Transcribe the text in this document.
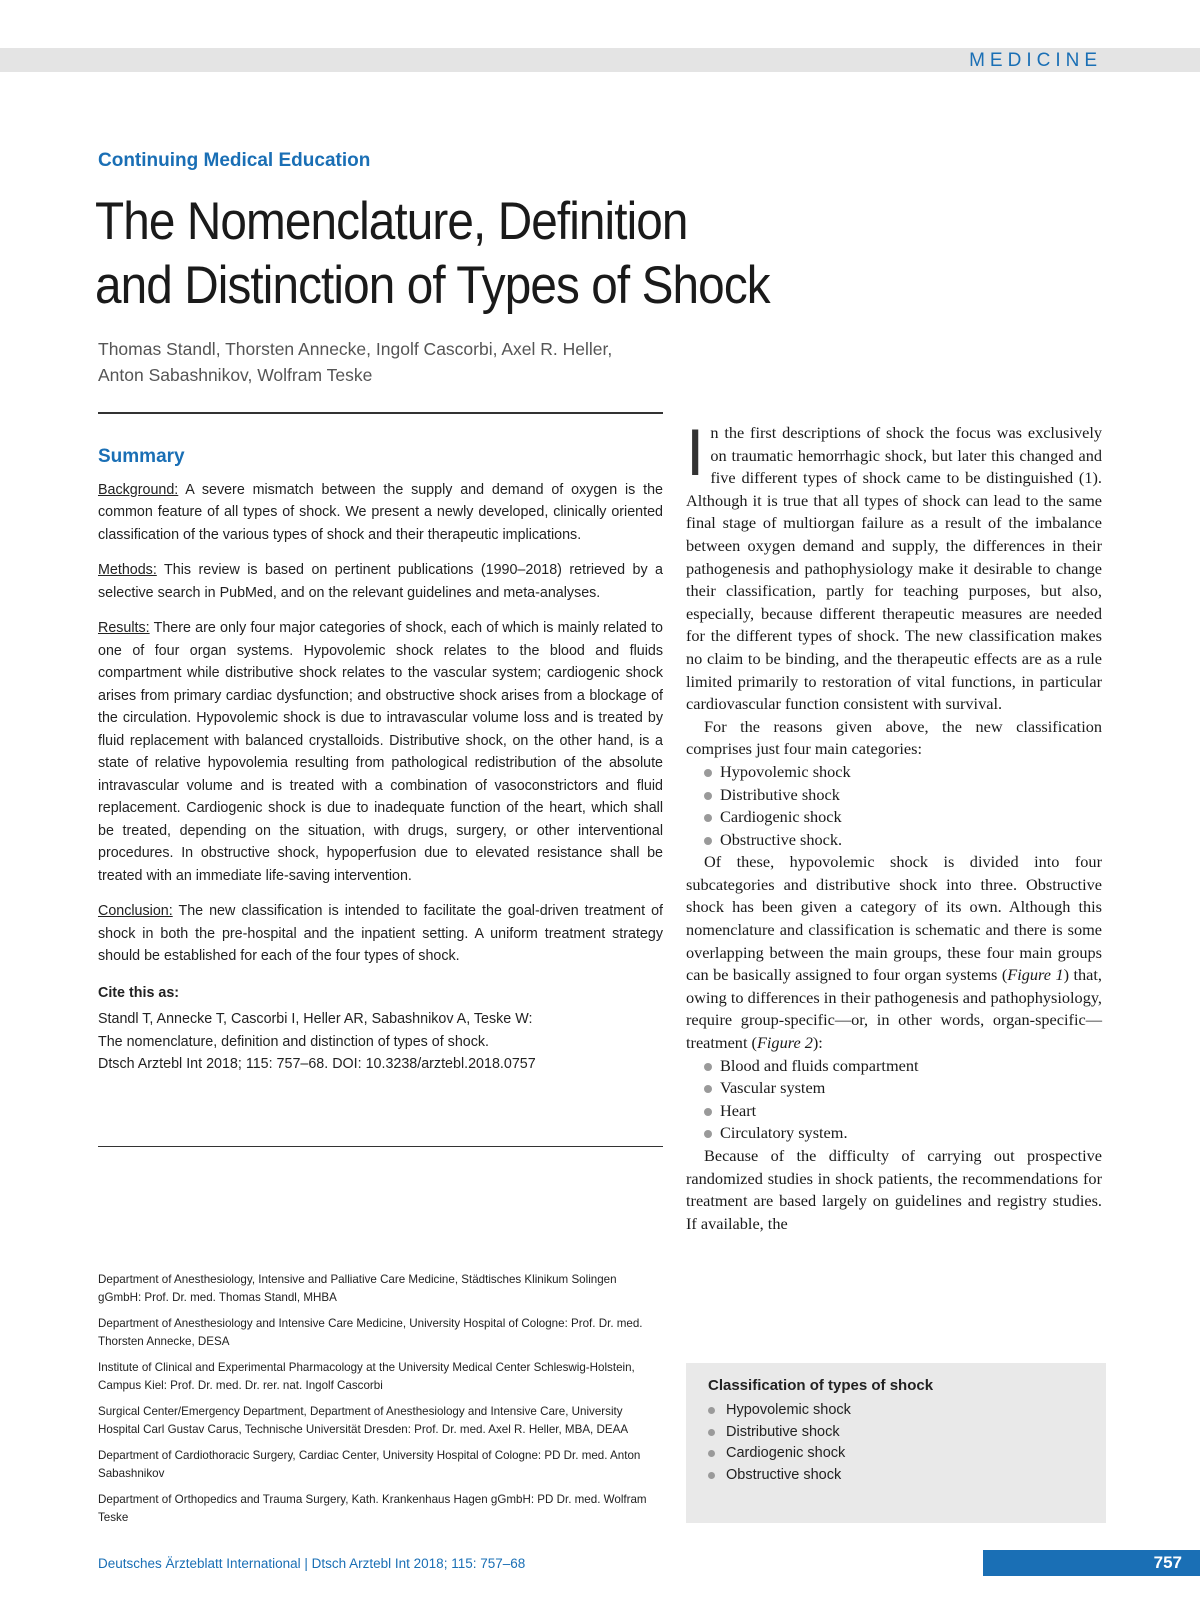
MEDICINE
Continuing Medical Education
The Nomenclature, Definition
and Distinction of Types of Shock
Thomas Standl, Thorsten Annecke, Ingolf Cascorbi, Axel R. Heller,
Anton Sabashnikov, Wolfram Teske
Summary

Background: A severe mismatch between the supply and demand of oxygen is the common feature of all types of shock. We present a newly developed, clinically oriented classification of the various types of shock and their therapeutic implications.

Methods: This review is based on pertinent publications (1990–2018) retrieved by a selective search in PubMed, and on the relevant guidelines and meta-analyses.

Results: There are only four major categories of shock, each of which is mainly related to one of four organ systems. Hypovolemic shock relates to the blood and fluids compartment while distributive shock relates to the vascular system; cardiogenic shock arises from primary cardiac dysfunction; and obstructive shock arises from a blockage of the circulation. Hypovolemic shock is due to intravascular volume loss and is treated by fluid replacement with balanced crystalloids. Distributive shock, on the other hand, is a state of relative hypovolemia resulting from pathological redistribution of the absolute intravascular volume and is treated with a combination of vasoconstrictors and fluid replacement. Cardiogenic shock is due to inadequate function of the heart, which shall be treated, depending on the situation, with drugs, surgery, or other interventional procedures. In obstructive shock, hypoperfusion due to elevated resistance shall be treated with an immediate life-saving intervention.

Conclusion: The new classification is intended to facilitate the goal-driven treatment of shock in both the pre-hospital and the inpatient setting. A uniform treatment strategy should be established for each of the four types of shock.

Cite this as:
Standl T, Annecke T, Cascorbi I, Heller AR, Sabashnikov A, Teske W:
The nomenclature, definition and distinction of types of shock.
Dtsch Arztebl Int 2018; 115: 757–68. DOI: 10.3238/arztebl.2018.0757

Department of Anesthesiology, Intensive and Palliative Care Medicine, Städtisches Klinikum Solingen gGmbH: Prof. Dr. med. Thomas Standl, MHBA

Department of Anesthesiology and Intensive Care Medicine, University Hospital of Cologne: Prof. Dr. med. Thorsten Annecke, DESA

Institute of Clinical and Experimental Pharmacology at the University Medical Center Schleswig-Holstein, Campus Kiel: Prof. Dr. med. Dr. rer. nat. Ingolf Cascorbi

Surgical Center/Emergency Department, Department of Anesthesiology and Intensive Care, University Hospital Carl Gustav Carus, Technische Universität Dresden: Prof. Dr. med. Axel R. Heller, MBA, DEAA

Department of Cardiothoracic Surgery, Cardiac Center, University Hospital of Cologne: PD Dr. med. Anton Sabashnikov

Department of Orthopedics and Trauma Surgery, Kath. Krankenhaus Hagen gGmbH: PD Dr. med. Wolfram Teske

In the first descriptions of shock the focus was exclusively on traumatic hemorrhagic shock, but later this changed and five different types of shock came to be distinguished (1). Although it is true that all types of shock can lead to the same final stage of multiorgan failure as a result of the imbalance between oxygen demand and supply, the differences in their pathogenesis and pathophysiology make it desirable to change their classification, partly for teaching purposes, but also, especially, because different therapeutic measures are needed for the different types of shock. The new classification makes no claim to be binding, and the therapeutic effects are as a rule limited primarily to restoration of vital functions, in particular cardiovascular function consistent with survival.

For the reasons given above, the new classification comprises just four main categories:

Hypovolemic shock
Distributive shock
Cardiogenic shock
Obstructive shock.

Of these, hypovolemic shock is divided into four subcategories and distributive shock into three. Obstructive shock has been given a category of its own. Although this nomenclature and classification is schematic and there is some overlapping between the main groups, these four main groups can be basically assigned to four organ systems (Figure 1) that, owing to differences in their pathogenesis and pathophysiology, require group-specific—or, in other words, organ-specific—treatment (Figure 2):

Blood and fluids compartment
Vascular system
Heart
Circulatory system.

Because of the difficulty of carrying out prospective randomized studies in shock patients, the recommendations for treatment are based largely on guidelines and registry studies. If available, the

Classification of types of shock
Hypovolemic shock
Distributive shock
Cardiogenic shock
Obstructive shock
Deutsches Ärzteblatt International | Dtsch Arztebl Int 2018; 115: 757–68	757
